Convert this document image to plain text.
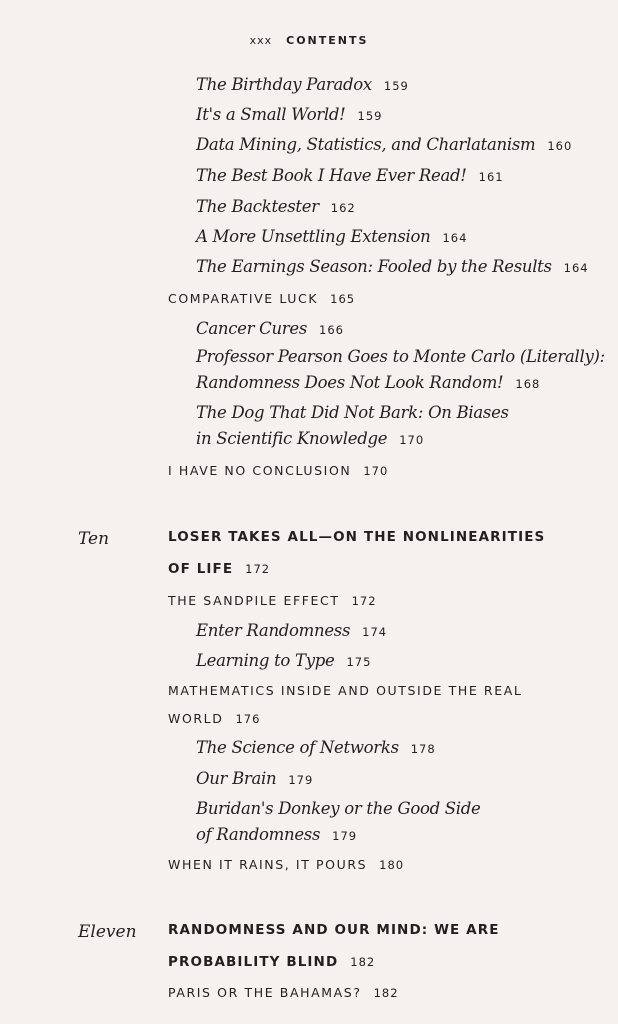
xxx CONTENTS
The Birthday Paradox 159
It's a Small World! 159
Data Mining, Statistics, and Charlatanism 160
The Best Book I Have Ever Read! 161
The Backtester 162
A More Unsettling Extension 164
The Earnings Season: Fooled by the Results 164
COMPARATIVE LUCK 165
Cancer Cures 166
Professor Pearson Goes to Monte Carlo (Literally):
Randomness Does Not Look Random! 168
The Dog That Did Not Bark: On Biases
in Scientific Knowledge 170
I HAVE NO CONCLUSION 170
Ten	LOSER TAKES ALL—ON THE NONLINEARITIES
OF LIFE 172
THE SANDPILE EFFECT 172
Enter Randomness 174
Learning to Type 175
MATHEMATICS INSIDE AND OUTSIDE THE REAL
WORLD 176
The Science of Networks 178
Our Brain 179
Buridan's Donkey or the Good Side
of Randomness 179
WHEN IT RAINS, IT POURS 180
Eleven RANDOMNESS AND OUR MIND: WE ARE
PROBABILITY BLIND 182
PARIS OR THE BAHAMAS? 182
